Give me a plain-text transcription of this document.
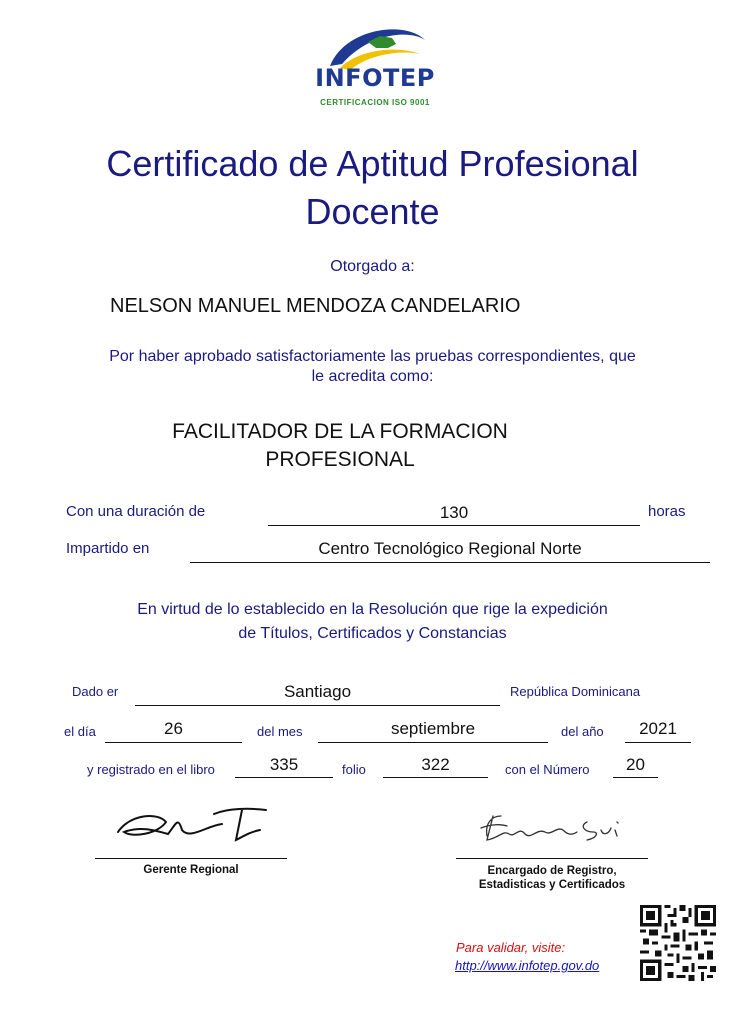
INFOTEP
CERTIFICACION ISO 9001
Certificado de Aptitud Profesional
Docente
Otorgado a:
NELSON MANUEL MENDOZA CANDELARIO
Por haber aprobado satisfactoriamente las pruebas correspondientes, que
le acredita como:
FACILITADOR DE LA FORMACION
PROFESIONAL
Con una duración de	130	horas
Impartido en	Centro Tecnológico Regional Norte
En virtud de lo establecido en la Resolución que rige la expedición
de Títulos, Certificados y Constancias
Dado er	Santiago	República Dominicana
el día	26	del mes	septiembre	del año	2021
y registrado en el libro	335	folio	322	con el Número	20
Gerente Regional	Encargado de Registro,
Estadisticas y Certificados
Para validar, visite:
http://www.infotep.gov.do
